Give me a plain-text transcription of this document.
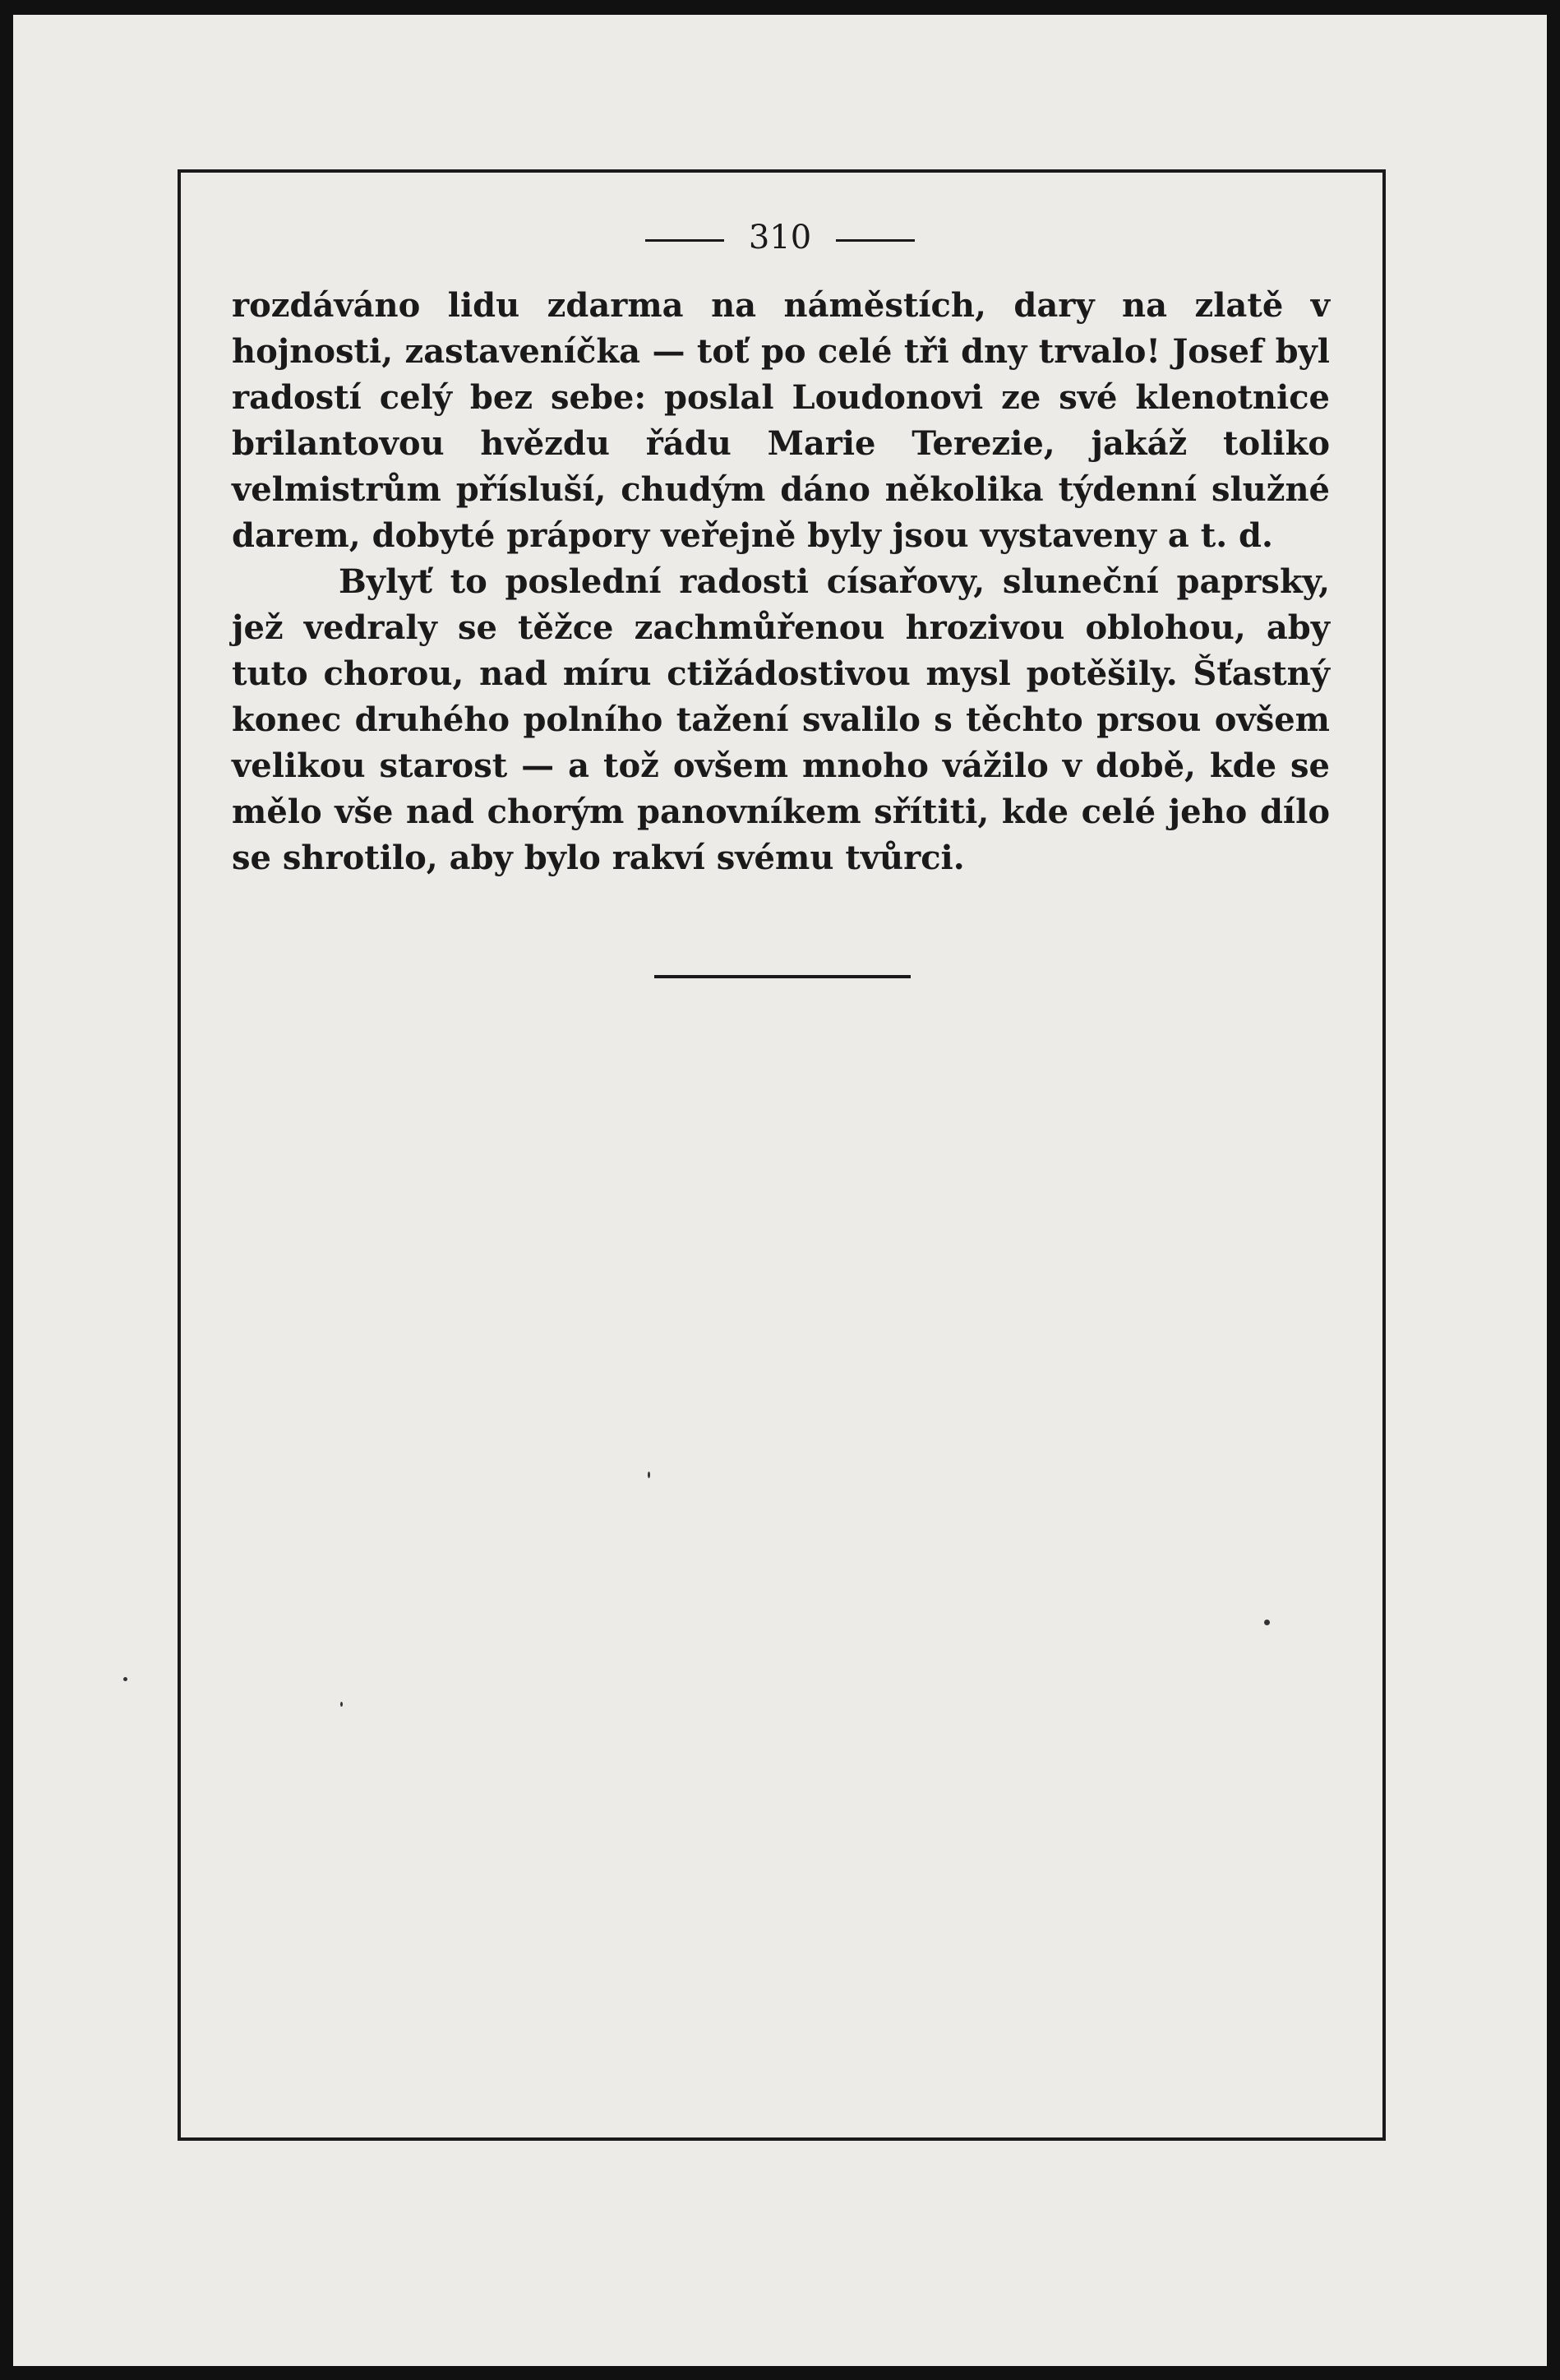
310

rozdáváno lidu zdarma na náměstích, dary na zlatě v hojnosti, zastaveníčka — toť po celé tři dny trvalo! Josef byl radostí celý bez sebe: poslal Loudonovi ze své klenotnice brilantovou hvězdu řádu Marie Terezie, jakáž toliko velmistrům přísluší, chudým dáno několika týdenní služné darem, dobyté prápory veřejně byly jsou vystaveny a t. d.

Bylyť to poslední radosti císařovy, sluneční paprsky, jež vedraly se těžce zachmůřenou hrozivou oblohou, aby tuto chorou, nad míru ctižádostivou mysl potěšily. Šťastný konec druhého polního tažení svalilo s těchto prsou ovšem velikou starost — a tož ovšem mnoho vážilo v době, kde se mělo vše nad chorým panovníkem sřítiti, kde celé jeho dílo se shrotilo, aby bylo rakví svému tvůrci.
